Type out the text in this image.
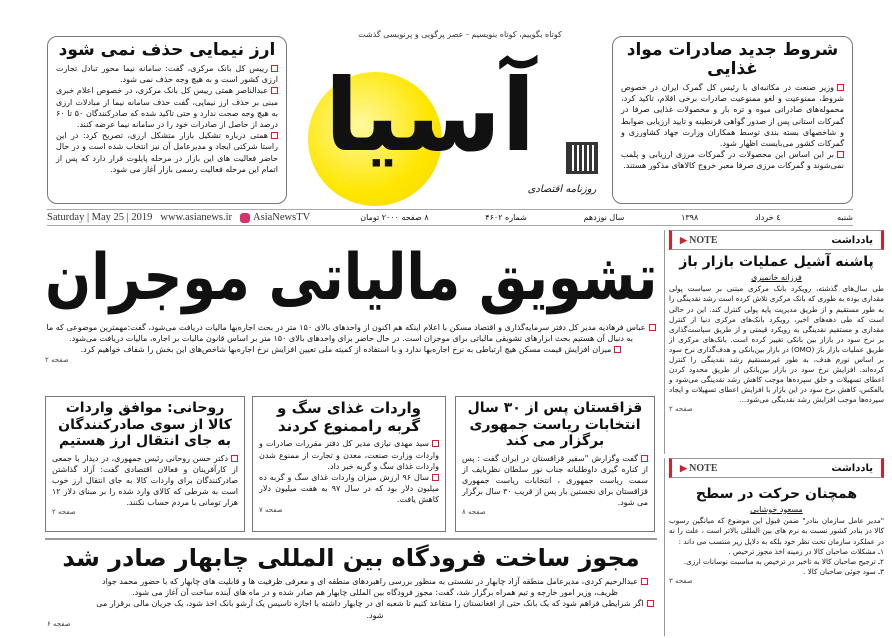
ارز نیمایی حذف نمی شود
رییس کل بانک مرکزی، گفت: سامانه نیما محور تبادل تجارت ارزی کشور است و به هیچ وجه حذف نمی شود.
عبدالناصر همتی رییس کل بانک مرکزی، در خصوص اعلام خبری مبنی بر حذف ارز نیمایی، گفت حذف سامانه نیما از مبادلات ارزی به هیچ وجه صحت ندارد و حتی تاکید شده که صادرکنندگان ۵۰ تا ۶۰ درصد از حاصل از صادرات خود را در سامانه نیما عرضه کنند.
همتی درباره تشکیل بازار متشکل ارزی، تصریح کرد: در این راستا شرکتی ایجاد و مدیرعامل آن نیز انتخاب شده است و در حال حاضر فعالیت های این بازار در مرحله پایلوت قرار دارد که پس از اتمام این مرحله فعالیت رسمی بازار آغاز می شود.
کوتاه بگوییم، کوتاه بنویسیم - عصر پرگویی و پرنویسی گذشت
آسیا
روزنامه اقتصادی
شروط جدید صادرات مواد غذایی
وزیر صنعت در مکاتبه‌ای با رئیس کل گمرک ایران در خصوص شروط، ممنوعیت و لغو ممنوعیت صادرات برخی اقلام، تاکید کرد، محموله‌های صادراتی میوه و تره بار و محصولات غذایی صرفا در گمرکات استانی پس از صدور گواهی قرنطینه و تایید ارزیابی ضوابط و شاخصهای بسته بندی توسط همکاران وزارت جهاد کشاورزی و گمرکات کشور می‌بایست اظهار شود.
بر این اساس این محصولات در گمرکات مرزی ارزیابی و پلمب نمی‌شوند و گمرکات مرزی صرفا معبر خروج کالاهای مذکور هستند.
Saturday | May 25 | 2019 www.asianews.ir AsiaNewsTV	شنبه
٤ خرداد
۱۳۹۸
سال نوزدهم
شماره ۴۶۰۲
۸ صفحه ۲۰۰۰ تومان
تشویق مالیاتی موجران
عباس فرهادیه مدیر کل دفتر سرمایه‌گذاری و اقتصاد مسکن با اعلام اینکه هم اکنون از واحدهای بالای ۱۵۰ متر در بحث اجاره‌بها مالیات دریافت می‌شود، گفت:مهمترین موضوعی که ما به دنبال آن هستیم بحث ابزارهای تشویقی مالیاتی برای موجران است. در حال حاضر برای واحدهای بالای ۱۵۰ متر بر اساس قانون مالیات بر اجاره، مالیات دریافت می‌شود.
میزان افزایش قیمت مسکن هیچ ارتباطی به نرخ اجاره‌بها ندارد و با استفاده از کمیته ملی تعیین افزایش نرخ اجاره‌بها شاخص‌های این بخش را شفاف خواهیم کرد.
صفحه ۲
قزاقستان پس از ۳۰ سال انتخابات ریاست جمهوری برگزار می کند
گفت وگزارش "سفیر قزاقستان در ایران گفت : پس از کناره گیری داوطلبانه جناب نور سلطان نظربایف از سمت ریاست جمهوری ، انتخابات ریاست جمهوری قزاقستان برای نخستین بار پس از قریب ۳۰ سال برگزار می شود.
صفحه ۸
واردات غذای سگ و گربه راممنوع کردند
سید مهدی نیازی مدیر کل دفتر مقررات صادرات و واردات وزارت صنعت، معدن و تجارت از ممنوع شدن واردات غذای سگ و گربه خبر داد.
سال ۹۶ ارزش میزان واردات غذای سگ و گربه ده میلیون دلار بود که در سال ۹۷ به هفت میلیون دلار کاهش یافت.
صفحه ۷
روحانی: موافق واردات کالا از سوی صادرکنندگان به جای انتقال ارز هستیم
دکتر حسن روحانی رئیس جمهوری، در دیدار با جمعی از کارآفرینان و فعالان اقتصادی گفت: آزاد گذاشتن صادرکنندگان برای واردات کالا به جای انتقال ارز خوب است به شرطی که کالای وارد شده را بر مبنای دلار ۱۲ هزار تومانی با مردم حساب نکنند.
صفحه ۲
مجوز ساخت فرودگاه بین المللی چابهار صادر شد
عبدالرحیم کردی، مدیرعامل منطقه آزاد چابهار در نشستی به منظور بررسی راهبردهای منطقه ای و معرفی ظرفیت ها و قابلیت های چابهار که با حضور محمد جواد ظریف، وزیر امور خارجه و تیم همراه برگزار شد، گفت: مجوز فرودگاه بین المللی چابهار هم صادر شده و در ماه های آینده ساخت آن آغاز می شود.
اگر شرایطی فراهم شود که یک بانک حتی از افغانستان را متقاعد کنیم تا شعبه ای در چابهار داشته یا اجازه تاسیس یک آرشو بانک اخذ شود، یک جریان مالی برقرار می شود.
صفحه ۶
یادداشت
▶ NOTE
پاشنه آشیل عملیات بازار باز
فرزانه خانمیری
طی سال‌های گذشته، رویکرد بانک مرکزی مبتنی بر سیاست پولی مقداری بوده به طوری که بانک مرکزی تلاش کرده است رشد نقدینگی را به طور مستقیم و از طریق مدیریت پایه پولی کنترل کند. این در حالی است که طی دهه‌های اخیر، رویکرد بانک‌های مرکزی دنیا از کنترل مقداری و مستقیم نقدینگی به رویکرد قیمتی و از طریق سیاست‌گذاری بر نرخ سود در بازار بین بانکی تغییر کرده است. بانک‌های مرکزی از طریق عملیات بازار باز (OMO) در بازار بین‌بانکی و هدف‌گذاری نرخ سود بر اساس تورم هدف، به طور غیرمستقیم رشد نقدینگی را کنترل کرده‌اند. افزایش نرخ سود در بازار بین‌بانکی از طریق محدود کردن اعطای تسهیلات و خلق سپرده‌ها موجب کاهش رشد نقدینگی می‌شود و بالعکس، کاهش نرخ سود در این بازار با افزایش اعطای تسهیلات و ایجاد سپرده‌ها موجب افزایش رشد نقدینگی می‌شود...
صفحه ۲
یادداشت
▶ NOTE
همچنان حرکت در سطح
مسعود خوشابی
"مدیر عامل سازمان بنادر" ضمن قبول این موضوع که میانگین رسوب کالا در بنادر کشور نسبت به نرم های بین المللی بالاتر است ، علت را نه در عملکرد سازمان تحت نظر خود بلکه به دلایل زیر منتسب می داند :
۱ـ مشکلات صاحبان کالا در زمینه اخذ مجوز ترخیص .
۲ـ ترجیح صاحبان کالا به تاخیر در ترخیص به مناسبت نوسانات ارزی.
۳ـ سود جوئی صاحبان کالا .
صفحه ۳
